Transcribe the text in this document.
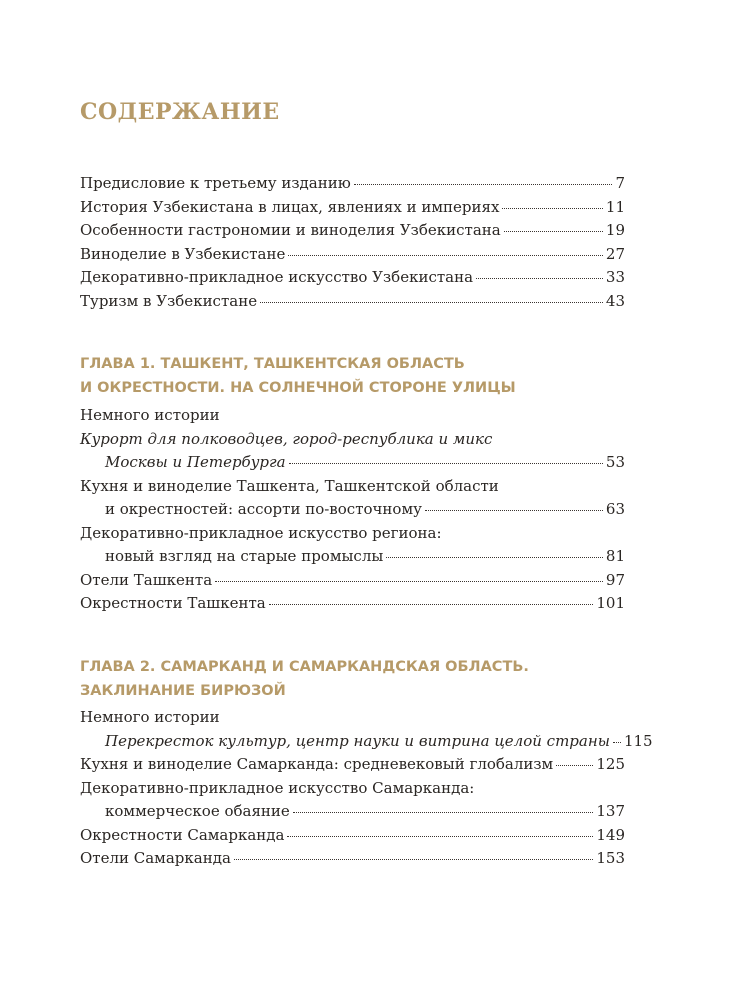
СОДЕРЖАНИЕ
Предисловие к третьему изданию	7
История Узбекистана в лицах, явлениях и империях	11
Особенности гастрономии и виноделия Узбекистана	19
Виноделие в Узбекистане	27
Декоративно-прикладное искусство Узбекистана	33
Туризм в Узбекистане	43
ГЛАВА 1. ТАШКЕНТ, ТАШКЕНТСКАЯ ОБЛАСТЬ
И ОКРЕСТНОСТИ. НА СОЛНЕЧНОЙ СТОРОНЕ УЛИЦЫ
Немного истории
Курорт для полководцев, город-республика и микс
Москвы и Петербурга	53
Кухня и виноделие Ташкента, Ташкентской области
и окрестностей: ассорти по-восточному	63
Декоративно-прикладное искусство региона:
новый взгляд на старые промыслы	81
Отели Ташкента	97
Окрестности Ташкента	101
ГЛАВА 2. САМАРКАНД И САМАРКАНДСКАЯ ОБЛАСТЬ.
ЗАКЛИНАНИЕ БИРЮЗОЙ
Немного истории
Перекресток культур, центр науки и витрина целой страны 115
Кухня и виноделие Самарканда: средневековый глобализм	125
Декоративно-прикладное искусство Самарканда:
коммерческое обаяние	137
Окрестности Самарканда	149
Отели Самарканда	153
